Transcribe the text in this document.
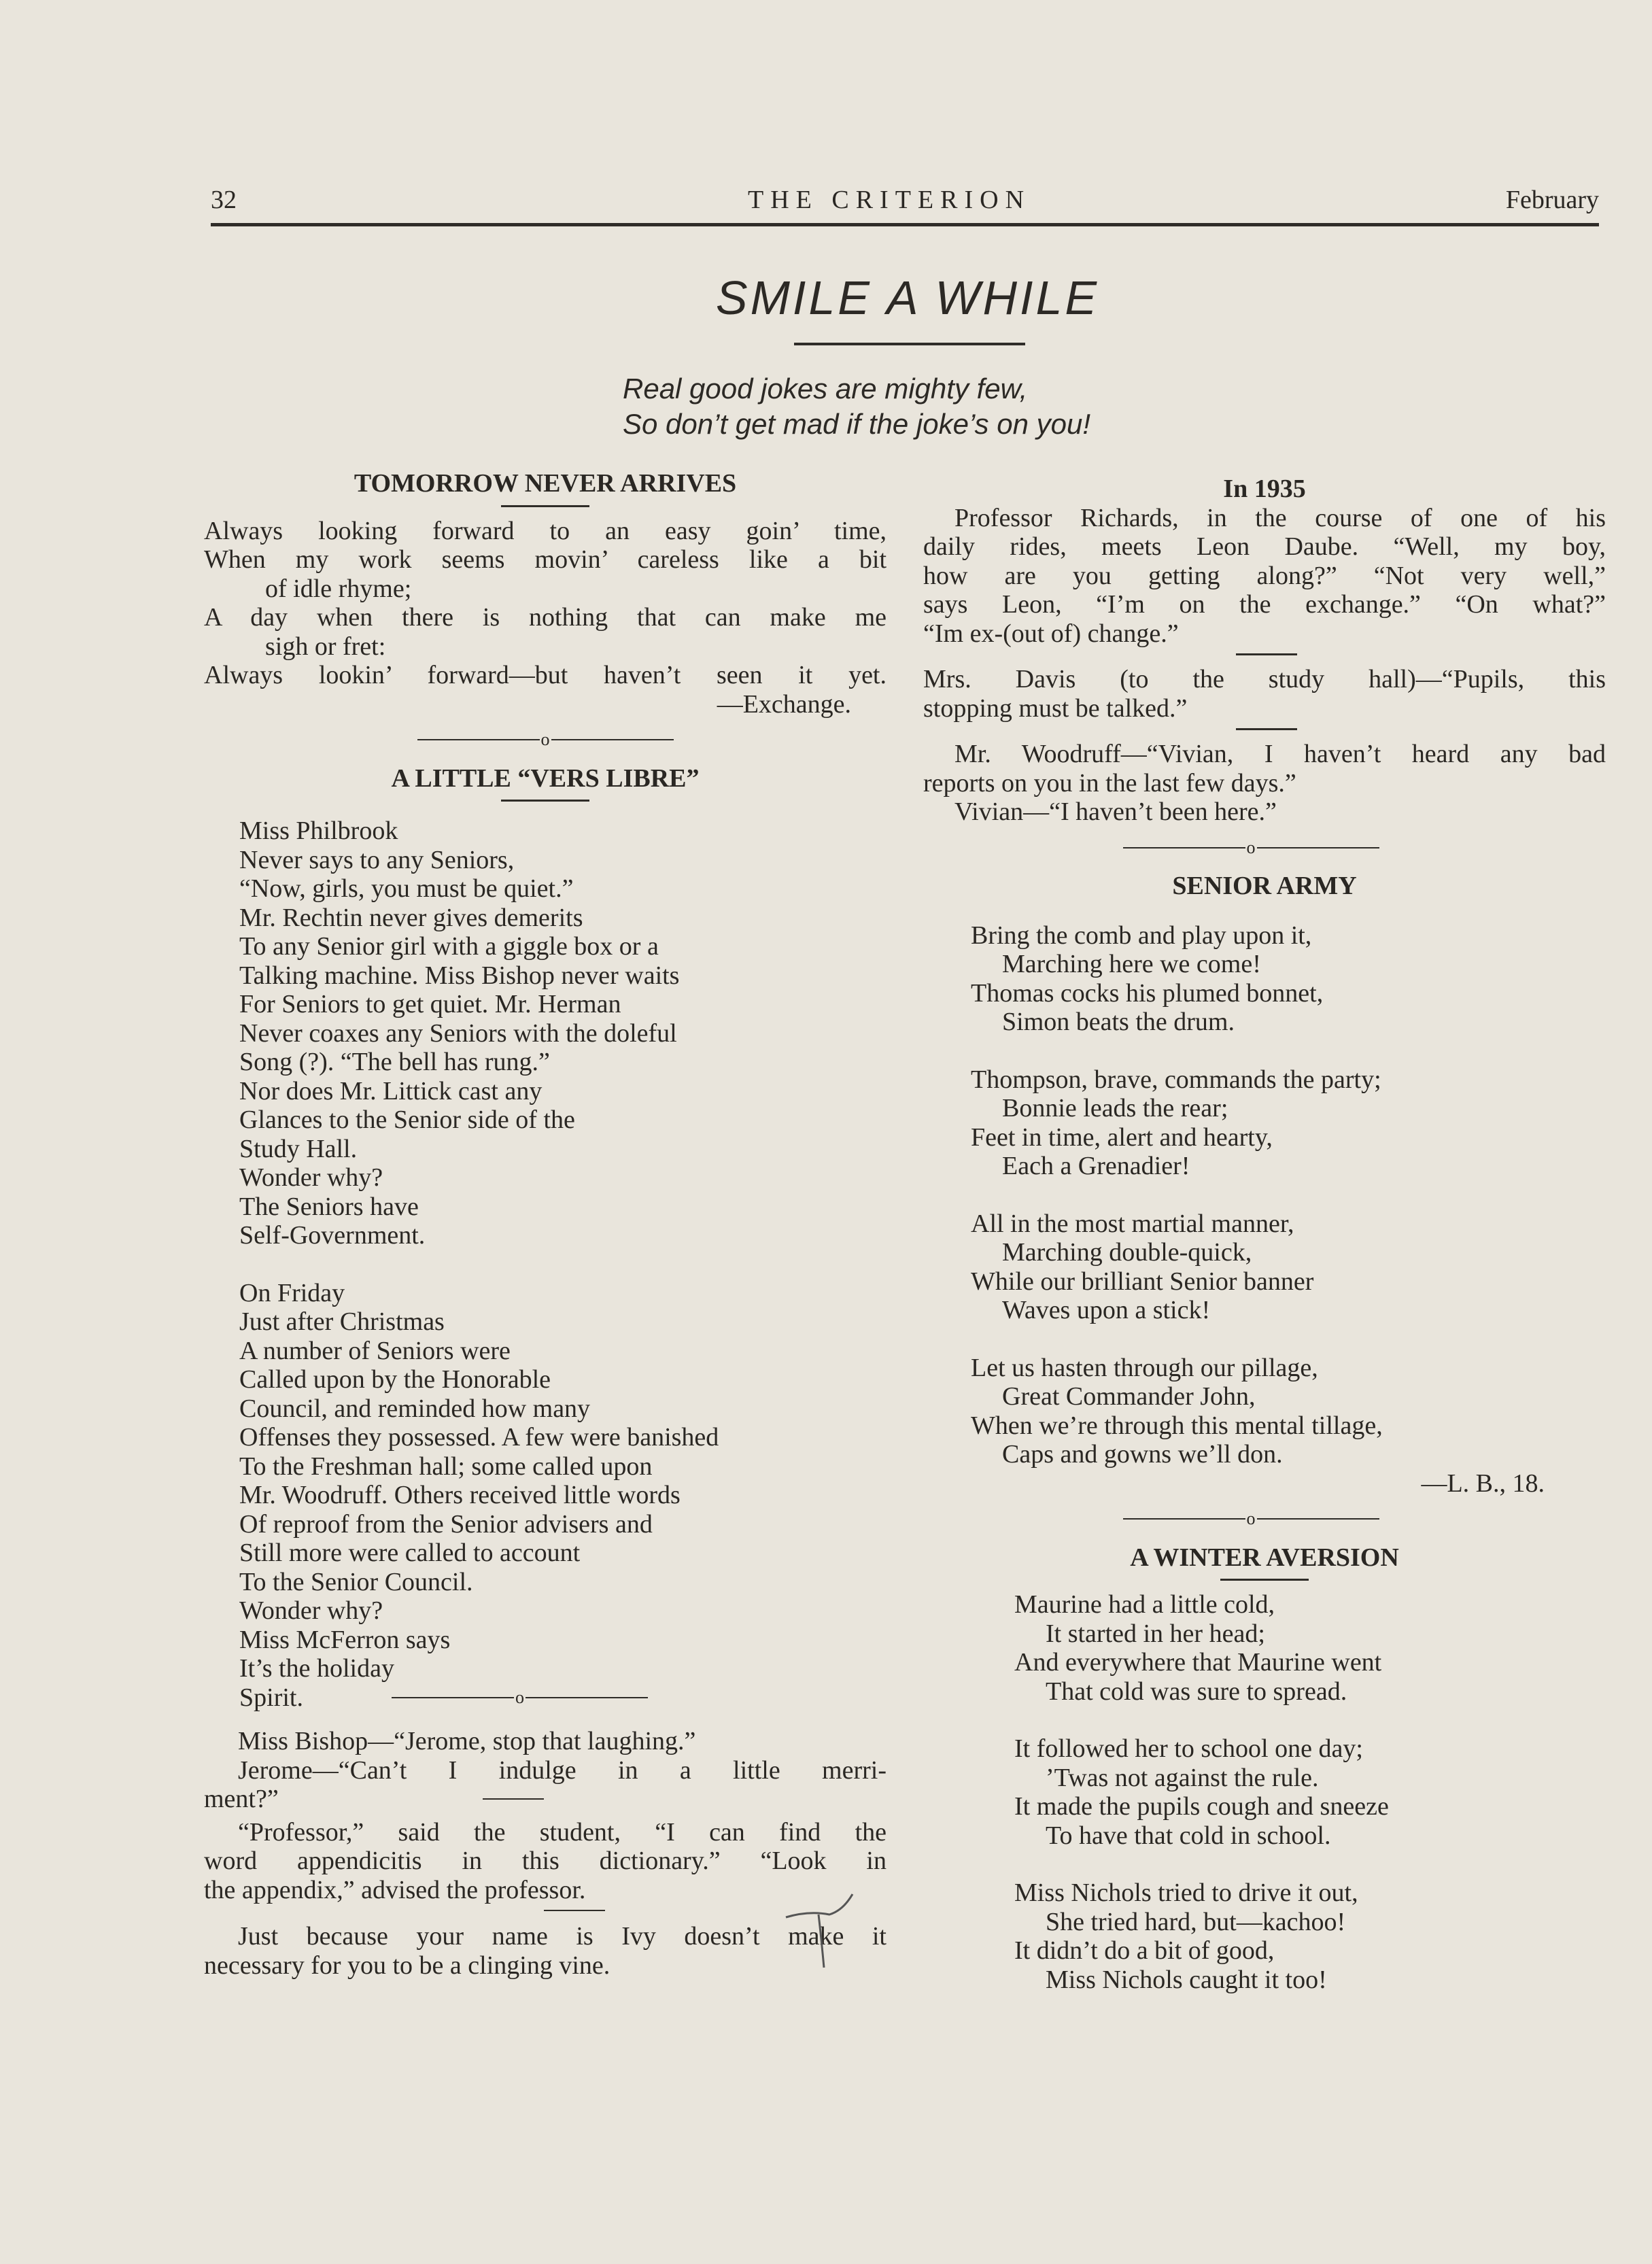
32	THE CRITERION	February
SMILE A WHILE
Real good jokes are mighty few,
So don’t get mad if the joke’s on you!
TOMORROW NEVER ARRIVES
Always looking forward to an easy goin’ time,
When my work seems movin’ careless like a bit
of idle rhyme;
A day when there is nothing that can make me
sigh or fret:
Always lookin’ forward—but haven’t seen it yet.
—Exchange.
o
A LITTLE “VERS LIBRE”
Miss Philbrook
Never says to any Seniors,
“Now, girls, you must be quiet.”
Mr. Rechtin never gives demerits
To any Senior girl with a giggle box or a
Talking machine. Miss Bishop never waits
For Seniors to get quiet. Mr. Herman
Never coaxes any Seniors with the doleful
Song (?). “The bell has rung.”
Nor does Mr. Littick cast any
Glances to the Senior side of the
Study Hall.
Wonder why?
The Seniors have
Self-Government.
On Friday
Just after Christmas
A number of Seniors were
Called upon by the Honorable
Council, and reminded how many
Offenses they possessed. A few were banished
To the Freshman hall; some called upon
Mr. Woodruff. Others received little words
Of reproof from the Senior advisers and
Still more were called to account
To the Senior Council.
Wonder why?
Miss McFerron says
It’s the holiday
Spirit.	o
Miss Bishop—“Jerome, stop that laughing.”
Jerome—“Can’t I indulge in a little merri-
ment?”
“Professor,” said the student, “I can find the
word appendicitis in this dictionary.” “Look in
the appendix,” advised the professor.
Just because your name is Ivy doesn’t make it
necessary for you to be a clinging vine.
In 1935
Professor Richards, in the course of one of his
daily rides, meets Leon Daube. “Well, my boy,
how are you getting along?” “Not very well,”
says Leon, “I’m on the exchange.” “On what?”
“Im ex-(out of) change.”
Mrs. Davis (to the study hall)—“Pupils, this
stopping must be talked.”
Mr. Woodruff—“Vivian, I haven’t heard any bad
reports on you in the last few days.”
Vivian—“I haven’t been here.”
o
SENIOR ARMY
Bring the comb and play upon it,
Marching here we come!
Thomas cocks his plumed bonnet,
Simon beats the drum.
Thompson, brave, commands the party;
Bonnie leads the rear;
Feet in time, alert and hearty,
Each a Grenadier!
All in the most martial manner,
Marching double-quick,
While our brilliant Senior banner
Waves upon a stick!
Let us hasten through our pillage,
Great Commander John,
When we’re through this mental tillage,
Caps and gowns we’ll don.
—L. B., 18.
o
A WINTER AVERSION
Maurine had a little cold,
It started in her head;
And everywhere that Maurine went
That cold was sure to spread.
It followed her to school one day;
’Twas not against the rule.
It made the pupils cough and sneeze
To have that cold in school.
Miss Nichols tried to drive it out,
She tried hard, but—kachoo!
It didn’t do a bit of good,
Miss Nichols caught it too!
